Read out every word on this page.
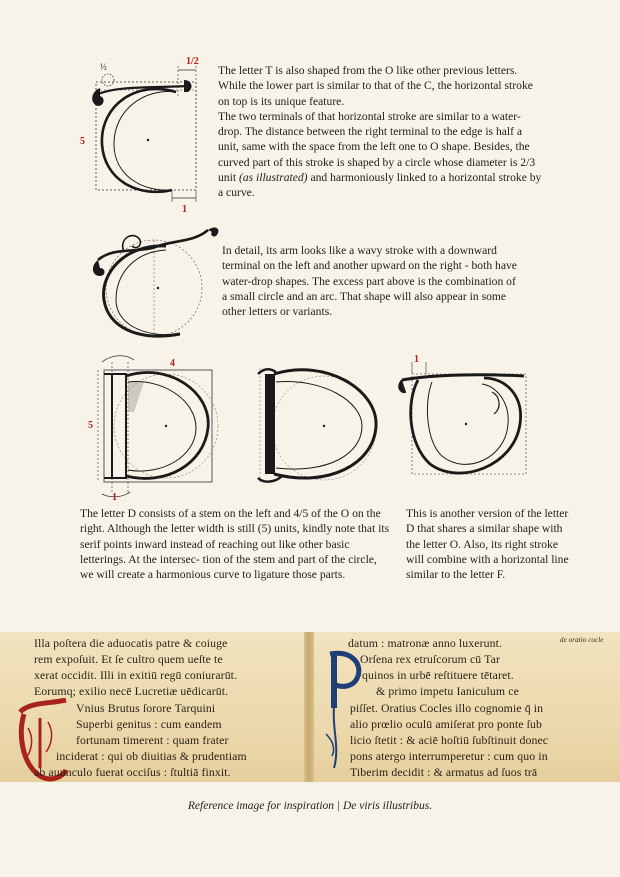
1/2
⅓
5
1

The letter T is also shaped from the O like other previous letters. While the lower part is similar to that of the C, the horizontal stroke on top is its unique feature.
The two terminals of that horizontal stroke are similar to a water-drop. The distance between the right terminal to the edge is half a unit, same with the space from the left one to O shape. Besides, the curved part of this stroke is shaped by a circle whose diameter is 2/3 unit (as illustrated) and harmoniously linked to a horizontal stroke by a curve.

In detail, its arm looks like a wavy stroke with a downward terminal on the left and another upward on the right - both have water-drop shapes. The excess part above is the combination of a small circle and an arc. That shape will also appear in some other letters or variants.

4
5
1
1

The letter D consists of a stem on the left and 4/5 of the O on the right. Although the letter width is still (5) units, kindly note that its serif points inward instead of reaching out like other basic letterings. At the intersec- tion of the stem and part of the circle, we will create a harmonious curve to ligature those parts.

This is another version of the letter D that shares a similar shape with the letter O. Also, its right stroke will combine with a horizontal line similar to the letter F.

Illa poſtera die aduocatis patre & coiuge
rem expoſuit. Et ſe cultro quem ueſte te
xerat occidit. Illi in exitiū regū coniurarūt.
Eorumq; exilio necē Lucretiæ uēdicarūt.
Vnius Brutus ſororе Tarquini
Superbi genitus : cum eandem
fortunam timerent : quam frater
inciderat : qui ob diuitias & prudentiam
ab auunculo fuerat occiſus : ſtultiā finxit.
datum : matronæ anno luxerunt.	de oratio cocle
Orſena rex etruſcorum cū Tar
quinos in urbē reſtituere tētaret.
& primo impetu Ianiculum ce
piſſet. Oratius Cocles illo cognomie q̄ in
alio prœlio oculū amiſerat pro ponte ſub
licio ſtetit : & aciē hoſtiū ſubſtinuit donec
pons atergo interrumperetur : cum quo in
Tiberim decidit : & armatus ad ſuos trā
Reference image for inspiration | De viris illustribus.
